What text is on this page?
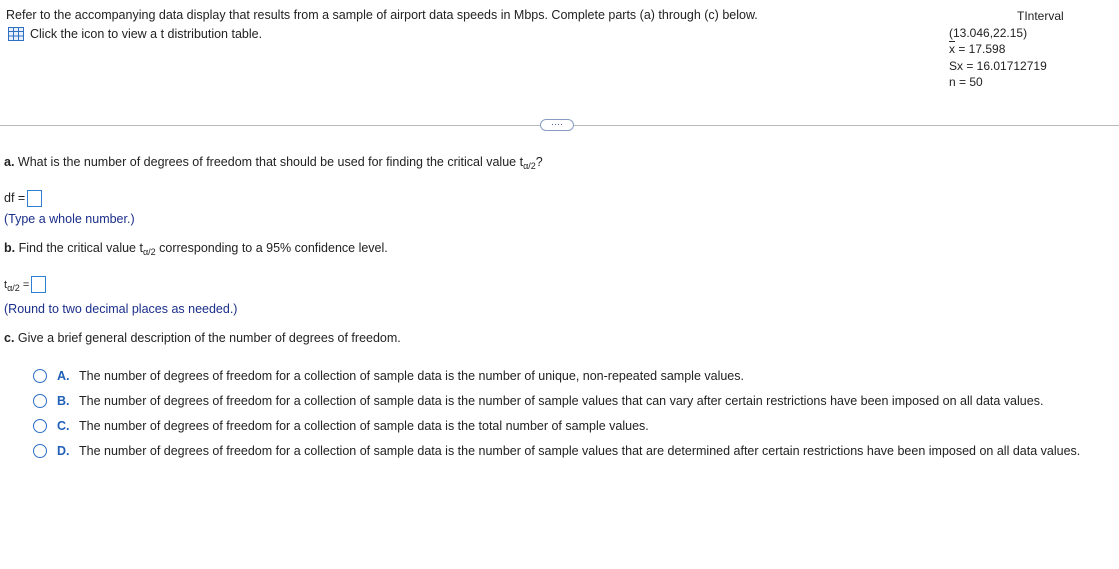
Refer to the accompanying data display that results from a sample of airport data speeds in Mbps. Complete parts (a) through (c) below.
Click the icon to view a t distribution table.
TInterval
(13.046,22.15)
$\overline{x} = 17.598$
Sx = 16.01712719
n = 50
····
a. What is the number of degrees of freedom that should be used for finding the critical value $t_{\alpha/2}$?
df =
(Type a whole number.)
b. Find the critical value $t_{\alpha/2}$ corresponding to a 95% confidence level.
$t_{\alpha/2}$ =
(Round to two decimal places as needed.)
c. Give a brief general description of the number of degrees of freedom.
A. The number of degrees of freedom for a collection of sample data is the number of unique, non-repeated sample values.
B. The number of degrees of freedom for a collection of sample data is the number of sample values that can vary after certain restrictions have been imposed on all data values.
C. The number of degrees of freedom for a collection of sample data is the total number of sample values.
D. The number of degrees of freedom for a collection of sample data is the number of sample values that are determined after certain restrictions have been imposed on all data values.
